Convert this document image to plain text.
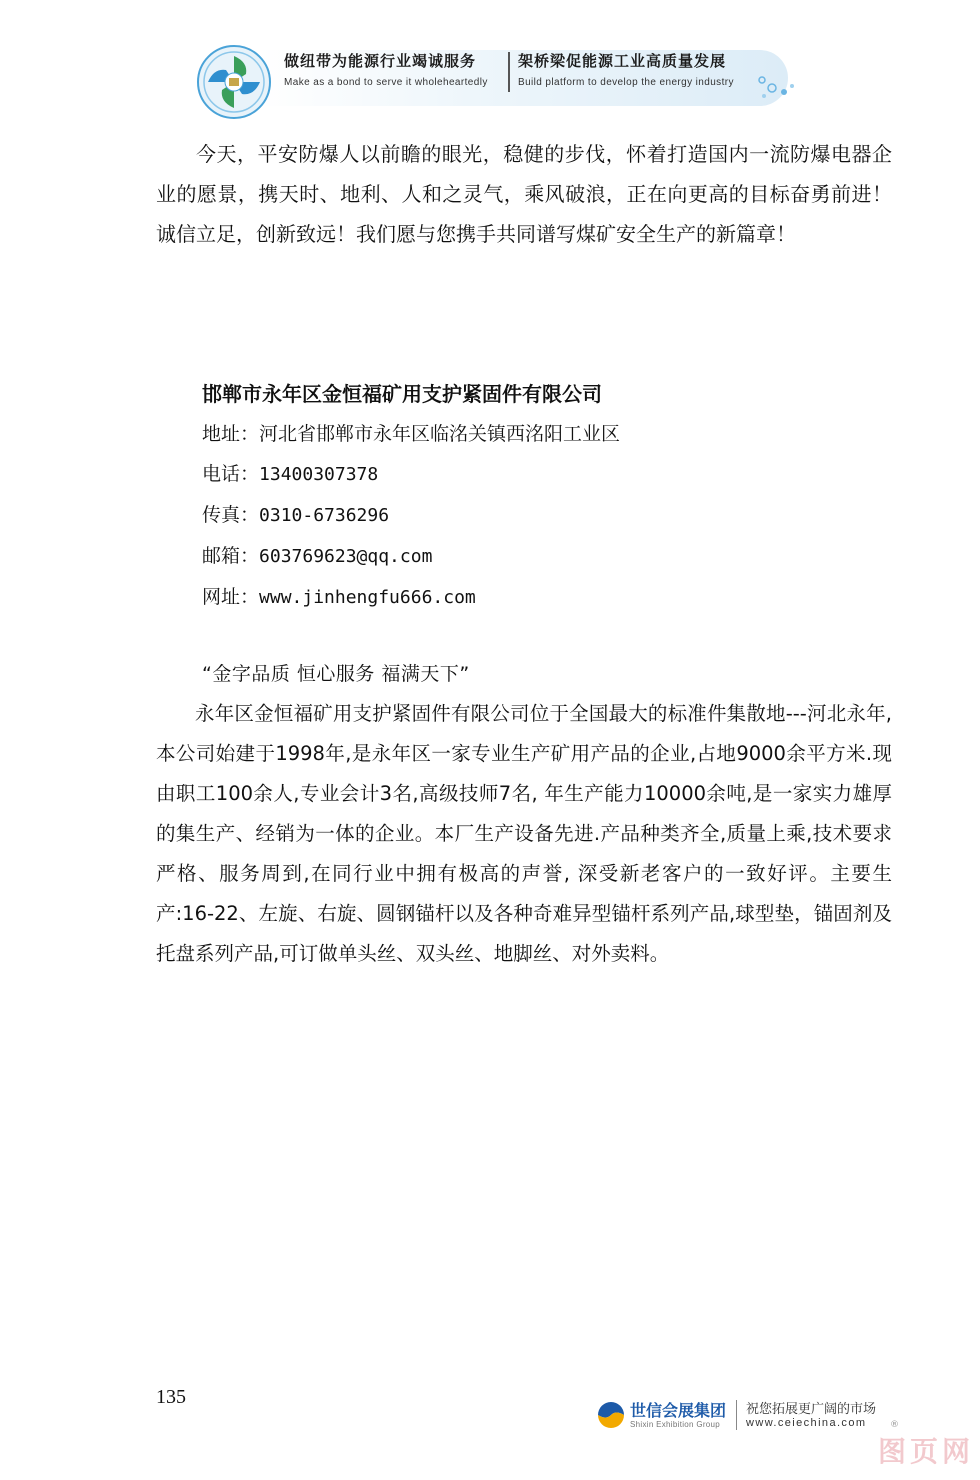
做纽带为能源行业竭诚服务
Make as a bond to serve it wholeheartedly
架桥梁促能源工业高质量发展
Build platform to develop the energy industry

今天，平安防爆人以前瞻的眼光，稳健的步伐，怀着打造国内一流防爆电器企业的愿景，携天时、地利、人和之灵气，乘风破浪，正在向更高的目标奋勇前进！诚信立足，创新致远！我们愿与您携手共同谱写煤矿安全生产的新篇章！

邯郸市永年区金恒福矿用支护紧固件有限公司

地址：河北省邯郸市永年区临洺关镇西洺阳工业区

电话：13400307378

传真：0310-6736296

邮箱：603769623@qq.com

网址：www.jinhengfu666.com

“金字品质 恒心服务 福满天下”

永年区金恒福矿用支护紧固件有限公司位于全国最大的标准件集散地---河北永年,本公司始建于1998年,是永年区一家专业生产矿用产品的企业,占地9000余平方米.现由职工100余人,专业会计3名,高级技师7名, 年生产能力10000余吨,是一家实力雄厚的集生产、经销为一体的企业。本厂生产设备先进.产品种类齐全,质量上乘,技术要求严格、服务周到,在同行业中拥有极高的声誉, 深受新老客户的一致好评。主要生产:16-22、左旋、右旋、圆钢锚杆以及各种奇难异型锚杆系列产品,球型垫，锚固剂及托盘系列产品,可订做单头丝、双头丝、地脚丝、对外卖料。

135
世信会展集团
Shixin Exhibition Group
祝您拓展更广阔的市场
www.ceiechina.com	®
图页网
